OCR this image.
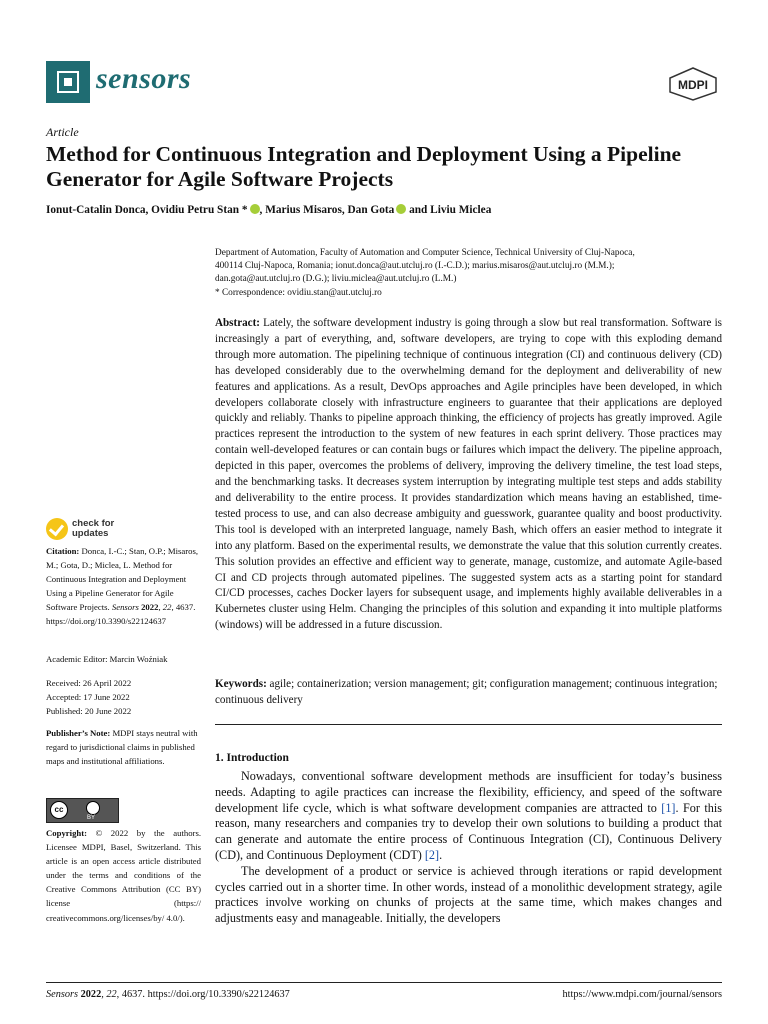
sensors	MDPI
Article
Method for Continuous Integration and Deployment Using a Pipeline Generator for Agile Software Projects
Ionut-Catalin Donca, Ovidiu Petru Stan * , Marius Misaros, Dan Gota and Liviu Miclea
Department of Automation, Faculty of Automation and Computer Science, Technical University of Cluj-Napoca,
400114 Cluj-Napoca, Romania; ionut.donca@aut.utcluj.ro (I.-C.D.); marius.misaros@aut.utcluj.ro (M.M.);
dan.gota@aut.utcluj.ro (D.G.); liviu.miclea@aut.utcluj.ro (L.M.)
* Correspondence: ovidiu.stan@aut.utcluj.ro
Abstract: Lately, the software development industry is going through a slow but real transformation. Software is increasingly a part of everything, and, software developers, are trying to cope with this exploding demand through more automation. The pipelining technique of continuous integration (CI) and continuous delivery (CD) has developed considerably due to the overwhelming demand for the deployment and deliverability of new features and applications. As a result, DevOps approaches and Agile principles have been developed, in which developers collaborate closely with infrastructure engineers to guarantee that their applications are deployed quickly and reliably. Thanks to pipeline approach thinking, the efficiency of projects has greatly improved. Agile practices represent the introduction to the system of new features in each sprint delivery. Those practices may contain well-developed features or can contain bugs or failures which impact the delivery. The pipeline approach, depicted in this paper, overcomes the problems of delivery, improving the delivery timeline, the test load steps, and the benchmarking tasks. It decreases system interruption by integrating multiple test steps and adds stability and deliverability to the entire process. It provides standardization which means having an established, time-tested process to use, and can also decrease ambiguity and guesswork, guarantee quality and boost productivity. This tool is developed with an interpreted language, namely Bash, which offers an easier method to integrate it into any platform. Based on the experimental results, we demonstrate the value that this solution currently creates. This solution provides an effective and efficient way to generate, manage, customize, and automate Agile-based CI and CD projects through automated pipelines. The suggested system acts as a starting point for standard CI/CD processes, caches Docker layers for subsequent usage, and implements highly available deliverables in a Kubernetes cluster using Helm. Changing the principles of this solution and expanding it into multiple platforms (windows) will be addressed in a future discussion.
Keywords: agile; containerization; version management; git; configuration management; continuous integration; continuous delivery
1. Introduction

Nowadays, conventional software development methods are insufficient for today’s business needs. Adapting to agile practices can increase the flexibility, efficiency, and speed of the software development life cycle, which is what software development companies are attracted to [1]. For this reason, many researchers and companies try to develop their own solutions to building a product that can generate and automate the entire process of Continuous Integration (CI), Continuous Delivery (CD), and Continuous Deployment (CDT) [2].

The development of a product or service is achieved through iterations or rapid development cycles carried out in a shorter time. In other words, instead of a monolithic development strategy, agile practices involve working on chunks of projects at the same time, which makes changes and adjustments easy and manageable. Initially, the developers

check for
updates
Citation: Donca, I.-C.; Stan, O.P.; Misaros, M.; Gota, D.; Miclea, L. Method for Continuous Integration and Deployment Using a Pipeline Generator for Agile Software Projects. Sensors 2022, 22, 4637. https://doi.org/10.3390/s22124637
Academic Editor: Marcin Woźniak
Received: 26 April 2022
Accepted: 17 June 2022
Published: 20 June 2022
Publisher’s Note: MDPI stays neutral with regard to jurisdictional claims in published maps and institutional affiliations.
cc
BY
Copyright: © 2022 by the authors. Licensee MDPI, Basel, Switzerland. This article is an open access article distributed under the terms and conditions of the Creative Commons Attribution (CC BY) license (https:// creativecommons.org/licenses/by/ 4.0/).
Sensors 2022, 22, 4637. https://doi.org/10.3390/s22124637	https://www.mdpi.com/journal/sensors
